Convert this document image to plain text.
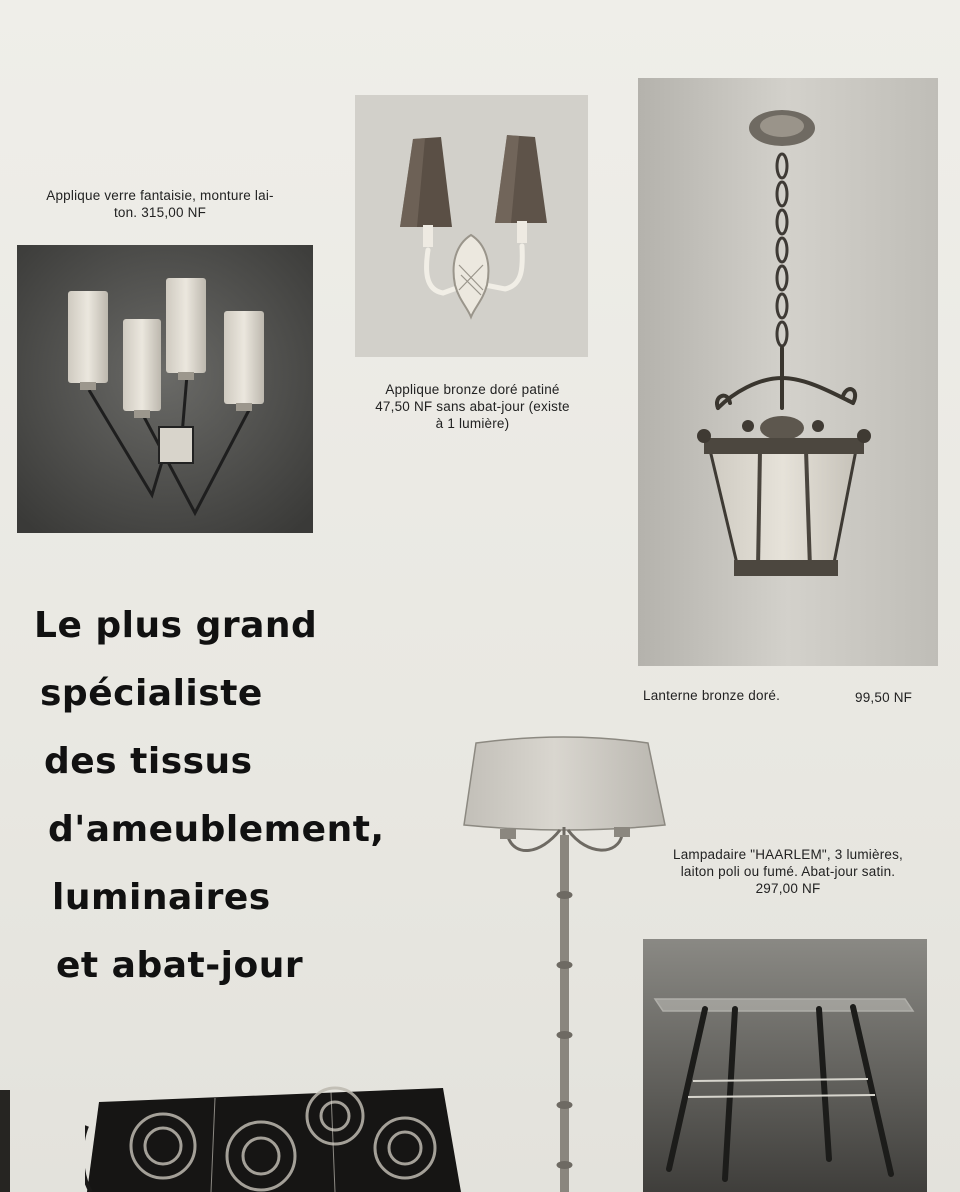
Applique verre fantaisie, monture lai-
ton. 315,00 NF
Applique bronze doré patiné
47,50 NF sans abat-jour (existe
à 1 lumière)
Lanterne bronze doré.	99,50 NF
Le plus grand
spécialiste
des tissus
d'ameublement,
luminaires
et abat-jour
Lampadaire "HAARLEM", 3 lumières,
laiton poli ou fumé. Abat-jour satin.
297,00 NF
